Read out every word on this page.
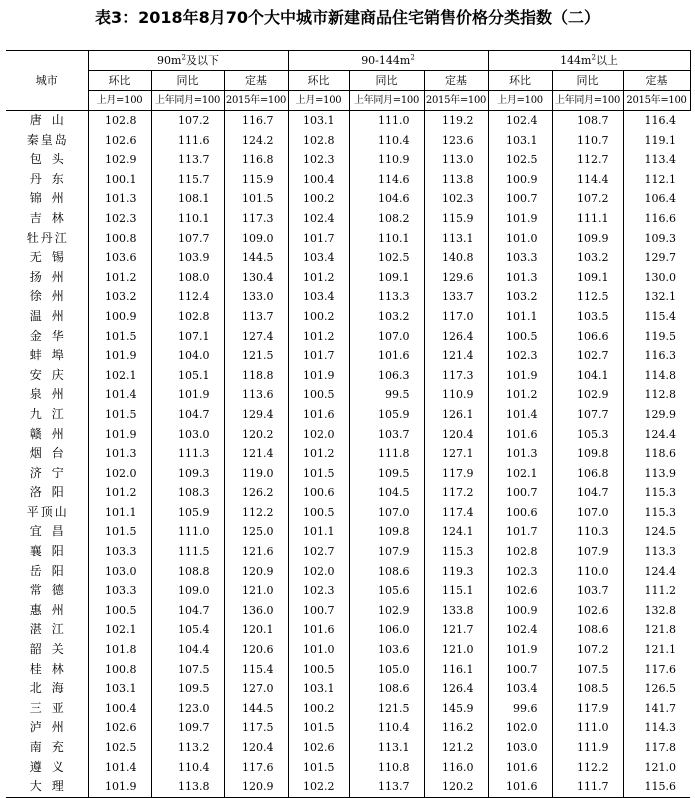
表3：2018年8月70个大中城市新建商品住宅销售价格分类指数（二）
城市	$90m^2$及以下			$90-144m^2$			$144m^2$以上		
	环比	同比	定基	环比	同比	定基	环比	同比	定基
	上月=100	上年同月=100	2015年=100	上月=100	上年同月=100	2015年=100	上月=100	上年同月=100	2015年=100
唐山	102.8	107.2	116.7	103.1	111.0	119.2	102.4	108.7	116.4
秦皇岛	102.6	111.6	124.2	102.8	110.4	123.6	103.1	110.7	119.1
包头	102.9	113.7	116.8	102.3	110.9	113.0	102.5	112.7	113.4
丹东	100.1	115.7	115.9	100.4	114.6	113.8	100.9	114.4	112.1
锦州	101.3	108.1	101.5	100.2	104.6	102.3	100.7	107.2	106.4
吉林	102.3	110.1	117.3	102.4	108.2	115.9	101.9	111.1	116.6
牡丹江	100.8	107.7	109.0	101.7	110.1	113.1	101.0	109.9	109.3
无锡	103.6	103.9	144.5	103.4	102.5	140.8	103.3	103.2	129.7
扬州	101.2	108.0	130.4	101.2	109.1	129.6	101.3	109.1	130.0
徐州	103.2	112.4	133.0	103.4	113.3	133.7	103.2	112.5	132.1
温州	100.9	102.8	113.7	100.2	103.2	117.0	101.1	103.5	115.4
金华	101.5	107.1	127.4	101.2	107.0	126.4	100.5	106.6	119.5
蚌埠	101.9	104.0	121.5	101.7	101.6	121.4	102.3	102.7	116.3
安庆	102.1	105.1	118.8	101.9	106.3	117.3	101.9	104.1	114.8
泉州	101.4	101.9	113.6	100.5	99.5	110.9	101.2	102.9	112.8
九江	101.5	104.7	129.4	101.6	105.9	126.1	101.4	107.7	129.9
赣州	101.9	103.0	120.2	102.0	103.7	120.4	101.6	105.3	124.4
烟台	101.3	111.3	121.4	101.2	111.8	127.1	101.3	109.8	118.6
济宁	102.0	109.3	119.0	101.5	109.5	117.9	102.1	106.8	113.9
洛阳	101.2	108.3	126.2	100.6	104.5	117.2	100.7	104.7	115.3
平顶山	101.1	105.9	112.2	100.5	107.0	117.4	100.6	107.0	115.3
宜昌	101.5	111.0	125.0	101.1	109.8	124.1	101.7	110.3	124.5
襄阳	103.3	111.5	121.6	102.7	107.9	115.3	102.8	107.9	113.3
岳阳	103.0	108.8	120.9	102.0	108.6	119.3	102.3	110.0	124.4
常德	103.3	109.0	121.0	102.3	105.6	115.1	102.6	103.7	111.2
惠州	100.5	104.7	136.0	100.7	102.9	133.8	100.9	102.6	132.8
湛江	102.1	105.4	120.1	101.6	106.0	121.7	102.4	108.6	121.8
韶关	101.8	104.4	120.6	101.0	103.6	121.0	101.9	107.2	121.1
桂林	100.8	107.5	115.4	100.5	105.0	116.1	100.7	107.5	117.6
北海	103.1	109.5	127.0	103.1	108.6	126.4	103.4	108.5	126.5
三亚	100.4	123.0	144.5	100.2	121.5	145.9	99.6	117.9	141.7
泸州	102.6	109.7	117.5	101.5	110.4	116.2	102.0	111.0	114.3
南充	102.5	113.2	120.4	102.6	113.1	121.2	103.0	111.9	117.8
遵义	101.4	110.4	117.6	101.5	110.8	116.0	101.6	112.2	121.0
大理	101.9	113.8	120.9	102.2	113.7	120.2	101.6	111.7	115.6
